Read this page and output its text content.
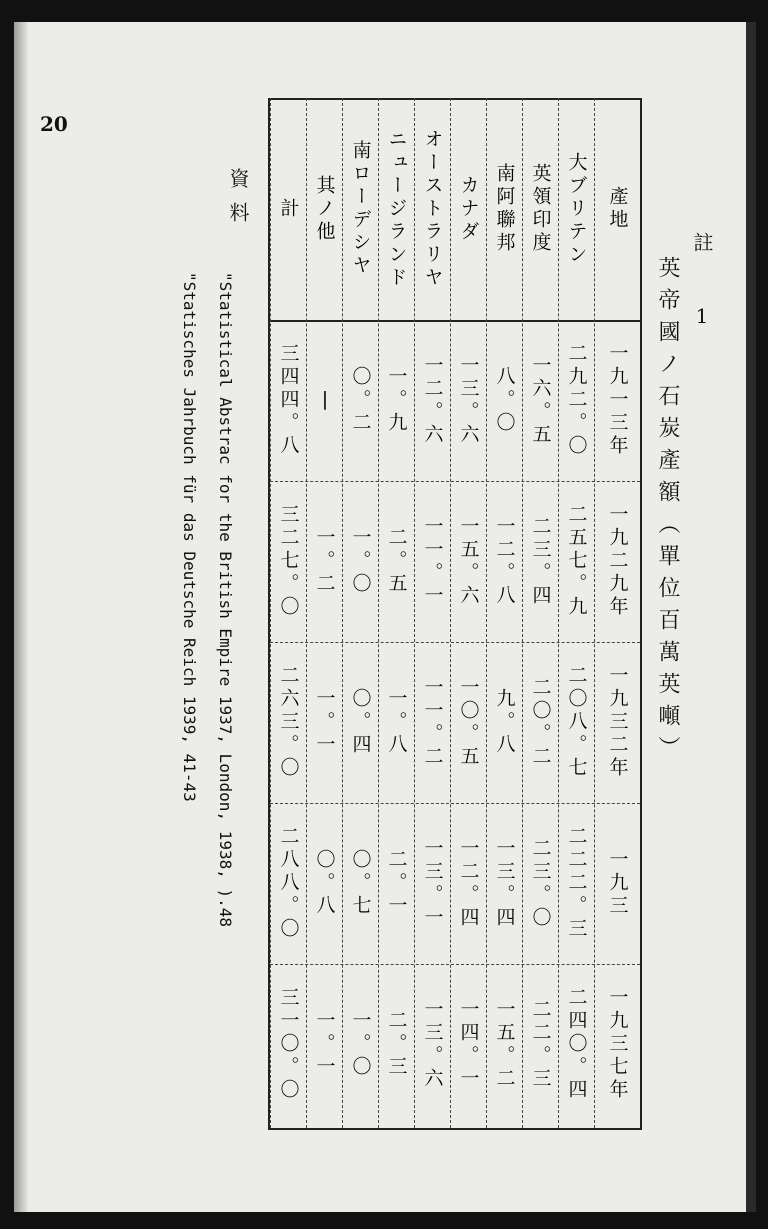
20
註 1
英帝國ノ石炭產額（單位百萬英噸）
產地
一九一三年
一九二九年
一九三二年
一九三
一九三七年
大ブリテン
二九二。〇
二五七。九
二〇八。七
二二二。三
二四〇。四
英領印度
一六。五
二三。四
二〇。二
二三。〇
二二。三
南阿聯邦
八。〇
一二。八
九。八
一三。四
一五。二
カナダ
一三。六
一五。六
一〇。五
一二。四
一四。一
オーストラリヤ
一二。六
一一。一
一一。二
一三。一
一三。六
ニュージランド
一。九
二。五
一。八
二。一
二。三
南ローデシヤ
〇。二
一。〇
〇。四
〇。七
一。〇
其ノ他
|
一。二
一。一
〇。八
一。一
計
三四四。八
三二七。〇
二六三。〇
二八八。〇
三一〇。〇
資料
"Statistical Abstrac for the British Empire 1937, London, 1938, ).48
"Statisches Jahrbuch für das Deutsche Reich 1939, 41-43
